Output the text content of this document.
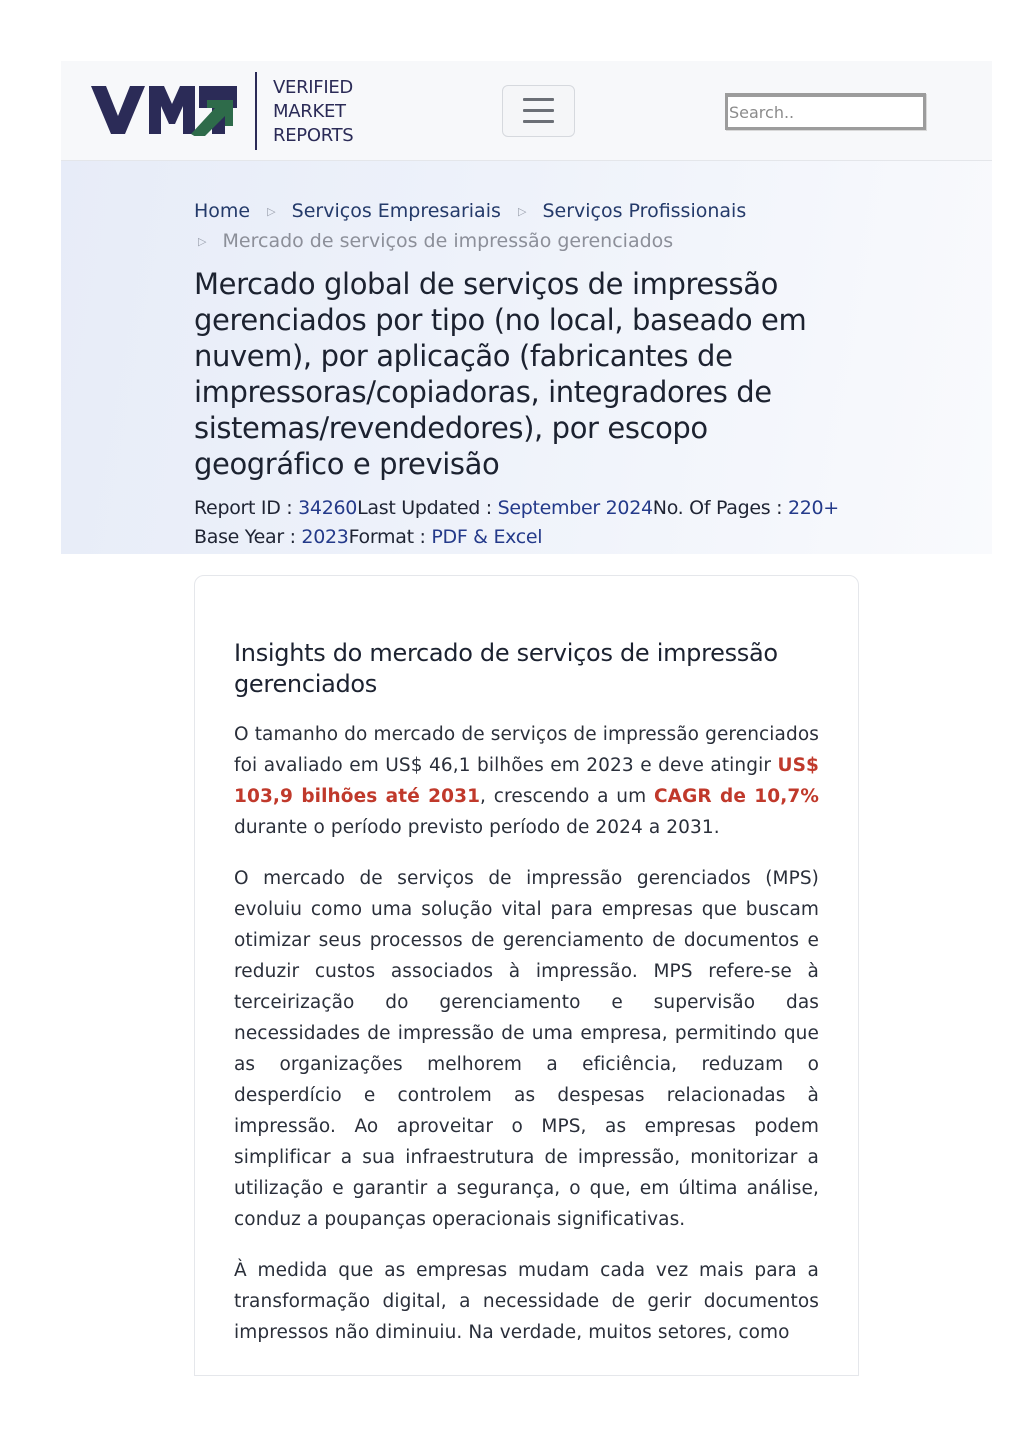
VERIFIED
MARKET
REPORTS
Search..
Home ▷ Serviços Empresariais ▷ Serviços Profissionais
▷ Mercado de serviços de impressão gerenciados
Mercado global de serviços de impressão gerenciados por tipo (no local, baseado em nuvem), por aplicação (fabricantes de impressoras/copiadoras, integradores de sistemas/revendedores), por escopo geográfico e previsão
Report ID : 34260Last Updated : September 2024No. Of Pages : 220+
Base Year : 2023Format : PDF & Excel
Insights do mercado de serviços de impressão gerenciados

O tamanho do mercado de serviços de impressão gerenciados foi avaliado em US$ 46,1 bilhões em 2023 e deve atingir US$ 103,9 bilhões até 2031, crescendo a um CAGR de 10,7% durante o período previsto período de 2024 a 2031.

O mercado de serviços de impressão gerenciados (MPS) evoluiu como uma solução vital para empresas que buscam otimizar seus processos de gerenciamento de documentos e reduzir custos associados à impressão. MPS refere-se à terceirização do gerenciamento e supervisão das necessidades de impressão de uma empresa, permitindo que as organizações melhorem a eficiência, reduzam o desperdício e controlem as despesas relacionadas à impressão. Ao aproveitar o MPS, as empresas podem simplificar a sua infraestrutura de impressão, monitorizar a utilização e garantir a segurança, o que, em última análise, conduz a poupanças operacionais significativas.

À medida que as empresas mudam cada vez mais para a transformação digital, a necessidade de gerir documentos impressos não diminuiu. Na verdade, muitos setores, como
